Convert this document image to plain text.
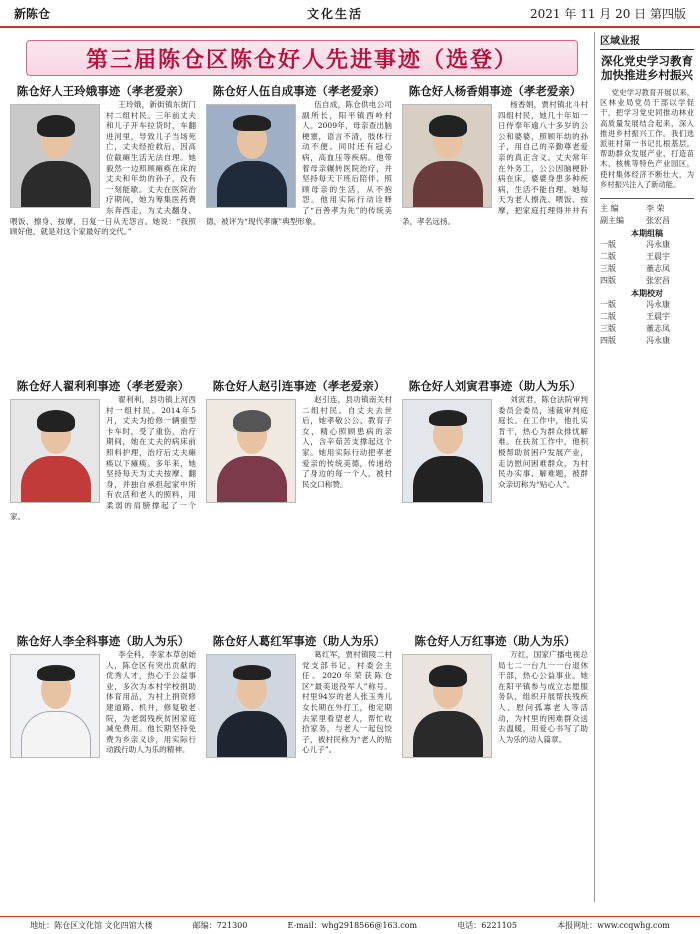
新陈仓	文化生活	2021 年 11 月 20 日 第四版
第三届陈仓区陈仓好人先进事迹（选登）
陈仓好人王玲娥事迹（孝老爱亲）

王玲娥，新街镇东街门村二组村民。三年前丈夫和儿子开车拉货时，车翻进河里，导致儿子当场死亡，丈夫经抢救后，因高位截瘫生活无法自理。她毅然一边照顾瘫痪在床的丈夫和年幼的孙子，没有一刻能歇。丈夫在医院治疗期间，她为筹集医药费东奔西走，为丈夫翻身、喂饭、擦身、按摩，日复一日从无怨言。她说：“我照顾好他，就是对这个家最好的交代。”

陈仓好人伍自成事迹（孝老爱亲）

伍自成，陈仓供电公司副所长，阳平镇西岭村人。2009年，母亲查出脑梗塞，语言不清，肢体行动不便。同时还有冠心病，高血压等疾病。他带着母亲辗转医院治疗，并坚持每天下班后陪伴、照顾母亲的生活，从不抱怨。他用实际行动诠释了“百善孝为先”的传统美德，被评为“现代孝廉”典型形象。

陈仓好人杨香娟事迹（孝老爱亲）

杨香娟，贾村镇北斗村四组村民，她几十年如一日侍奉年逾八十多岁的公公和婆婆，照顾年幼的孙子，用自己的辛勤尊老爱亲的真正含义。丈夫常年在外务工，公公因脑梗卧病在床，婆婆身患多种疾病，生活不能自理。她每天为老人擦洗、喂饭、按摩，把家庭打理得井井有条，孝名远扬。

陈仓好人翟利利事迹（孝老爱亲）

翟利利，县功镇上河西村一组村民。2014年5月，丈夫为抢修一辆重型卡车时，受了重伤，治疗期间，她在丈夫的病床前照料护理，治疗后丈夫瘫痪以下瘫痪。多年来，她坚持每天为丈夫按摩、翻身，并独自承担起家中所有农活和老人的照料，用柔弱的肩膀撑起了一个家。

陈仓好人赵引连事迹（孝老爱亲）

赵引连，县功镇南关村二组村民。自丈夫去世后，她孝敬公公、教育子女，精心照顾患病的亲人，含辛茹苦支撑起这个家。她用实际行动把孝老爱亲的传统美德，传递给了身边的每一个人，被村民交口称赞。

陈仓好人刘寅君事迹（助人为乐）

刘寅君，陈仓法院审判委员会委员，速裁审判庭庭长。在工作中，他扎实肯干，热心为群众排忧解难。在扶贫工作中，他积极帮助贫困户发展产业，走访慰问困难群众，为村民办实事、解难题，被群众亲切称为“贴心人”。

陈仓好人李全科事迹（助人为乐）

李全科，李家本草创始人，陈仓区有突出贡献的优秀人才，热心于公益事业，多次为本村学校捐助体育用品，为村上捐资修建道路、机井，修复敬老院，为老弱残疾贫困家庭减免费用。他长期坚持免费为乡亲义诊，用实际行动践行助人为乐的精神。

陈仓好人葛红军事迹（助人为乐）

葛红军，贾村镇陵二村党支部书记，村委会主任。2020年荣获陈仓区“最美退役军人”称号。村里94岁的老人张玉秀儿女长期在外打工，他定期去家里看望老人，帮忙收拾家务，与老人一起包饺子，被村民称为“老人的贴心儿子”。

陈仓好人万红事迹（助人为乐）

万红，国家广播电视总局七二一台九一一台退休干部，热心公益事业。她在阳平镇参与成立志愿服务队，组织开展帮扶残疾人、慰问孤寡老人等活动，为村里的困难群众送去温暖，用爱心书写了助人为乐的动人篇章。

区域业报
深化党史学习教育 加快推进乡村振兴

党史学习教育开展以来，区林业局党员干部以学促干，把学习党史同推动林业高质量发展结合起来，深入推进乡村振兴工作。我们选派驻村第一书记扎根基层，帮助群众发展产业，打造苗木、核桃等特色产业园区，使村集体经济不断壮大，为乡村振兴注入了新动能。

主 编	李 荣
副主编	张宏昌
本期组稿
一版	冯永康
二版	王晨宇
三版	董志凤
四版	张宏昌
本期校对
一版	冯永康
二版	王晨宇
三版	董志凤
四版	冯永康
地址：陈仓区文化馆 文化四馆大楼	邮编：721300	E-mail：whg2918566@163.com	电话：6221105	本报网址：www.ccqwhg.com
